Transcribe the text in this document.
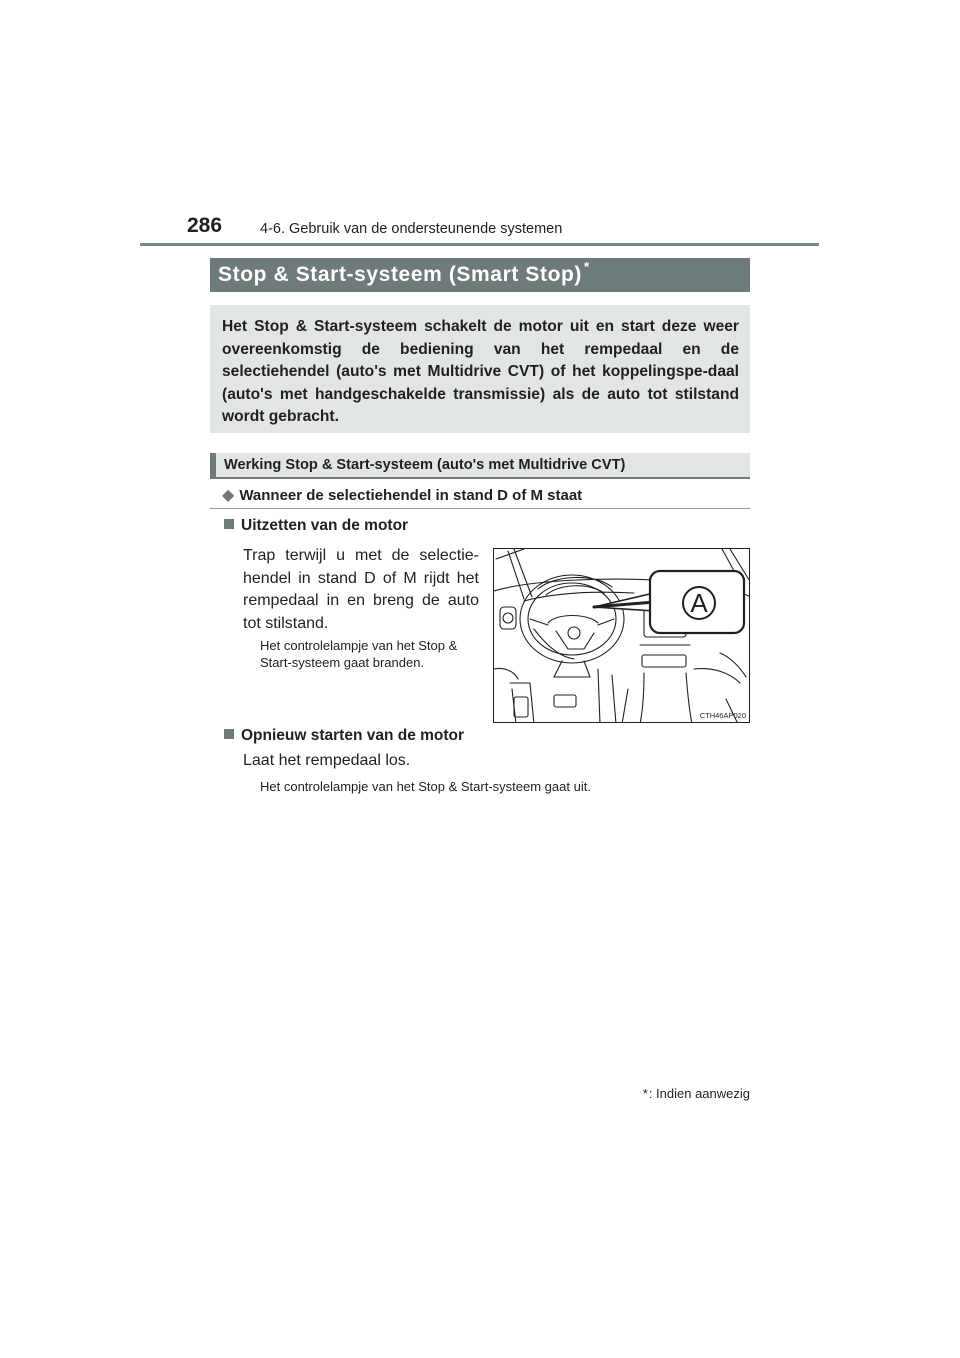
286	4-6. Gebruik van de ondersteunende systemen
Stop & Start-systeem (Smart Stop) *
Het Stop & Start-systeem schakelt de motor uit en start deze weer overeenkomstig de bediening van het rempedaal en de selectiehendel (auto's met Multidrive CVT) of het koppelingspe-daal (auto's met handgeschakelde transmissie) als de auto tot stilstand wordt gebracht.
Werking Stop & Start-systeem (auto's met Multidrive CVT)
◆ Wanneer de selectiehendel in stand D of M staat
Uitzetten van de motor
Trap terwijl u met de selectie-hendel in stand D of M rijdt het rempedaal in en breng de auto tot stilstand.
Het controlelampje van het Stop & Start-systeem gaat branden.
A
CTH46AP020
Opnieuw starten van de motor
Laat het rempedaal los.
Het controlelampje van het Stop & Start-systeem gaat uit.
*: Indien aanwezig
